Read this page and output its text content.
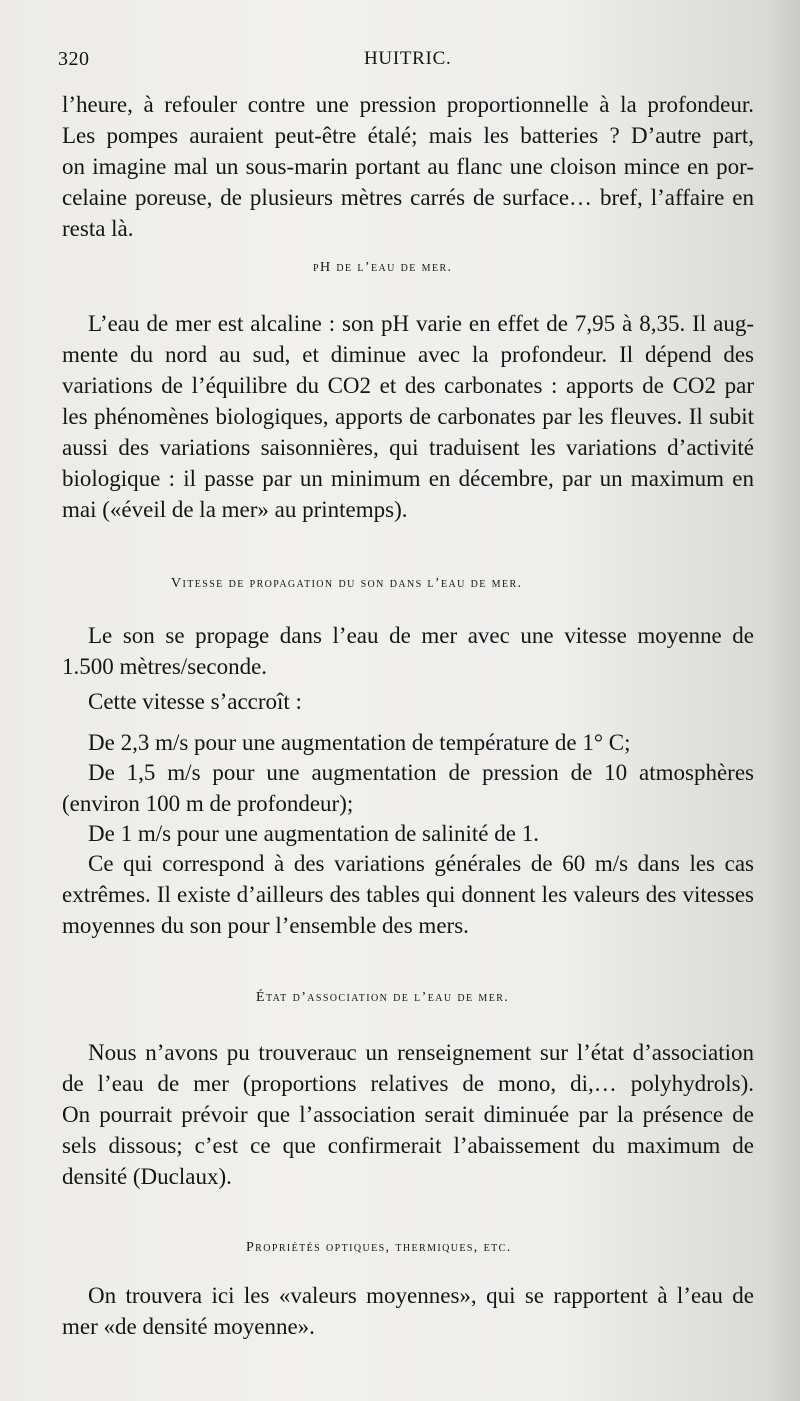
320	HUITRIC.
l’heure, à refouler contre une pression proportionnelle à la profondeur.
Les pompes auraient peut-être étalé; mais les batteries ? D’autre part,
on imagine mal un sous-marin portant au flanc une cloison mince en por-
celaine poreuse, de plusieurs mètres carrés de surface… bref, l’affaire en
resta là.
pH de l’eau de mer.
L’eau de mer est alcaline : son pH varie en effet de 7,95 à 8,35. Il aug-
mente du nord au sud, et diminue avec la profondeur. Il dépend des
variations de l’équilibre du CO2 et des carbonates : apports de CO2 par
les phénomènes biologiques, apports de carbonates par les fleuves. Il subit
aussi des variations saisonnières, qui traduisent les variations d’activité
biologique : il passe par un minimum en décembre, par un maximum en
mai («éveil de la mer» au printemps).
Vitesse de propagation du son dans l’eau de mer.
Le son se propage dans l’eau de mer avec une vitesse moyenne de
1.500 mètres/seconde.
Cette vitesse s’accroît :
De 2,3 m/s pour une augmentation de température de 1° C;
De 1,5 m/s pour une augmentation de pression de 10 atmosphères
(environ 100 m de profondeur);
De 1 m/s pour une augmentation de salinité de 1.
Ce qui correspond à des variations générales de 60 m/s dans les cas
extrêmes. Il existe d’ailleurs des tables qui donnent les valeurs des vitesses
moyennes du son pour l’ensemble des mers.
État d’association de l’eau de mer.
Nous n’avons pu trouverauc un renseignement sur l’état d’association
de l’eau de mer (proportions relatives de mono, di,… polyhydrols).
On pourrait prévoir que l’association serait diminuée par la présence de
sels dissous; c’est ce que confirmerait l’abaissement du maximum de
densité (Duclaux).
Propriétés optiques, thermiques, etc.
On trouvera ici les «valeurs moyennes», qui se rapportent à l’eau de
mer «de densité moyenne».
